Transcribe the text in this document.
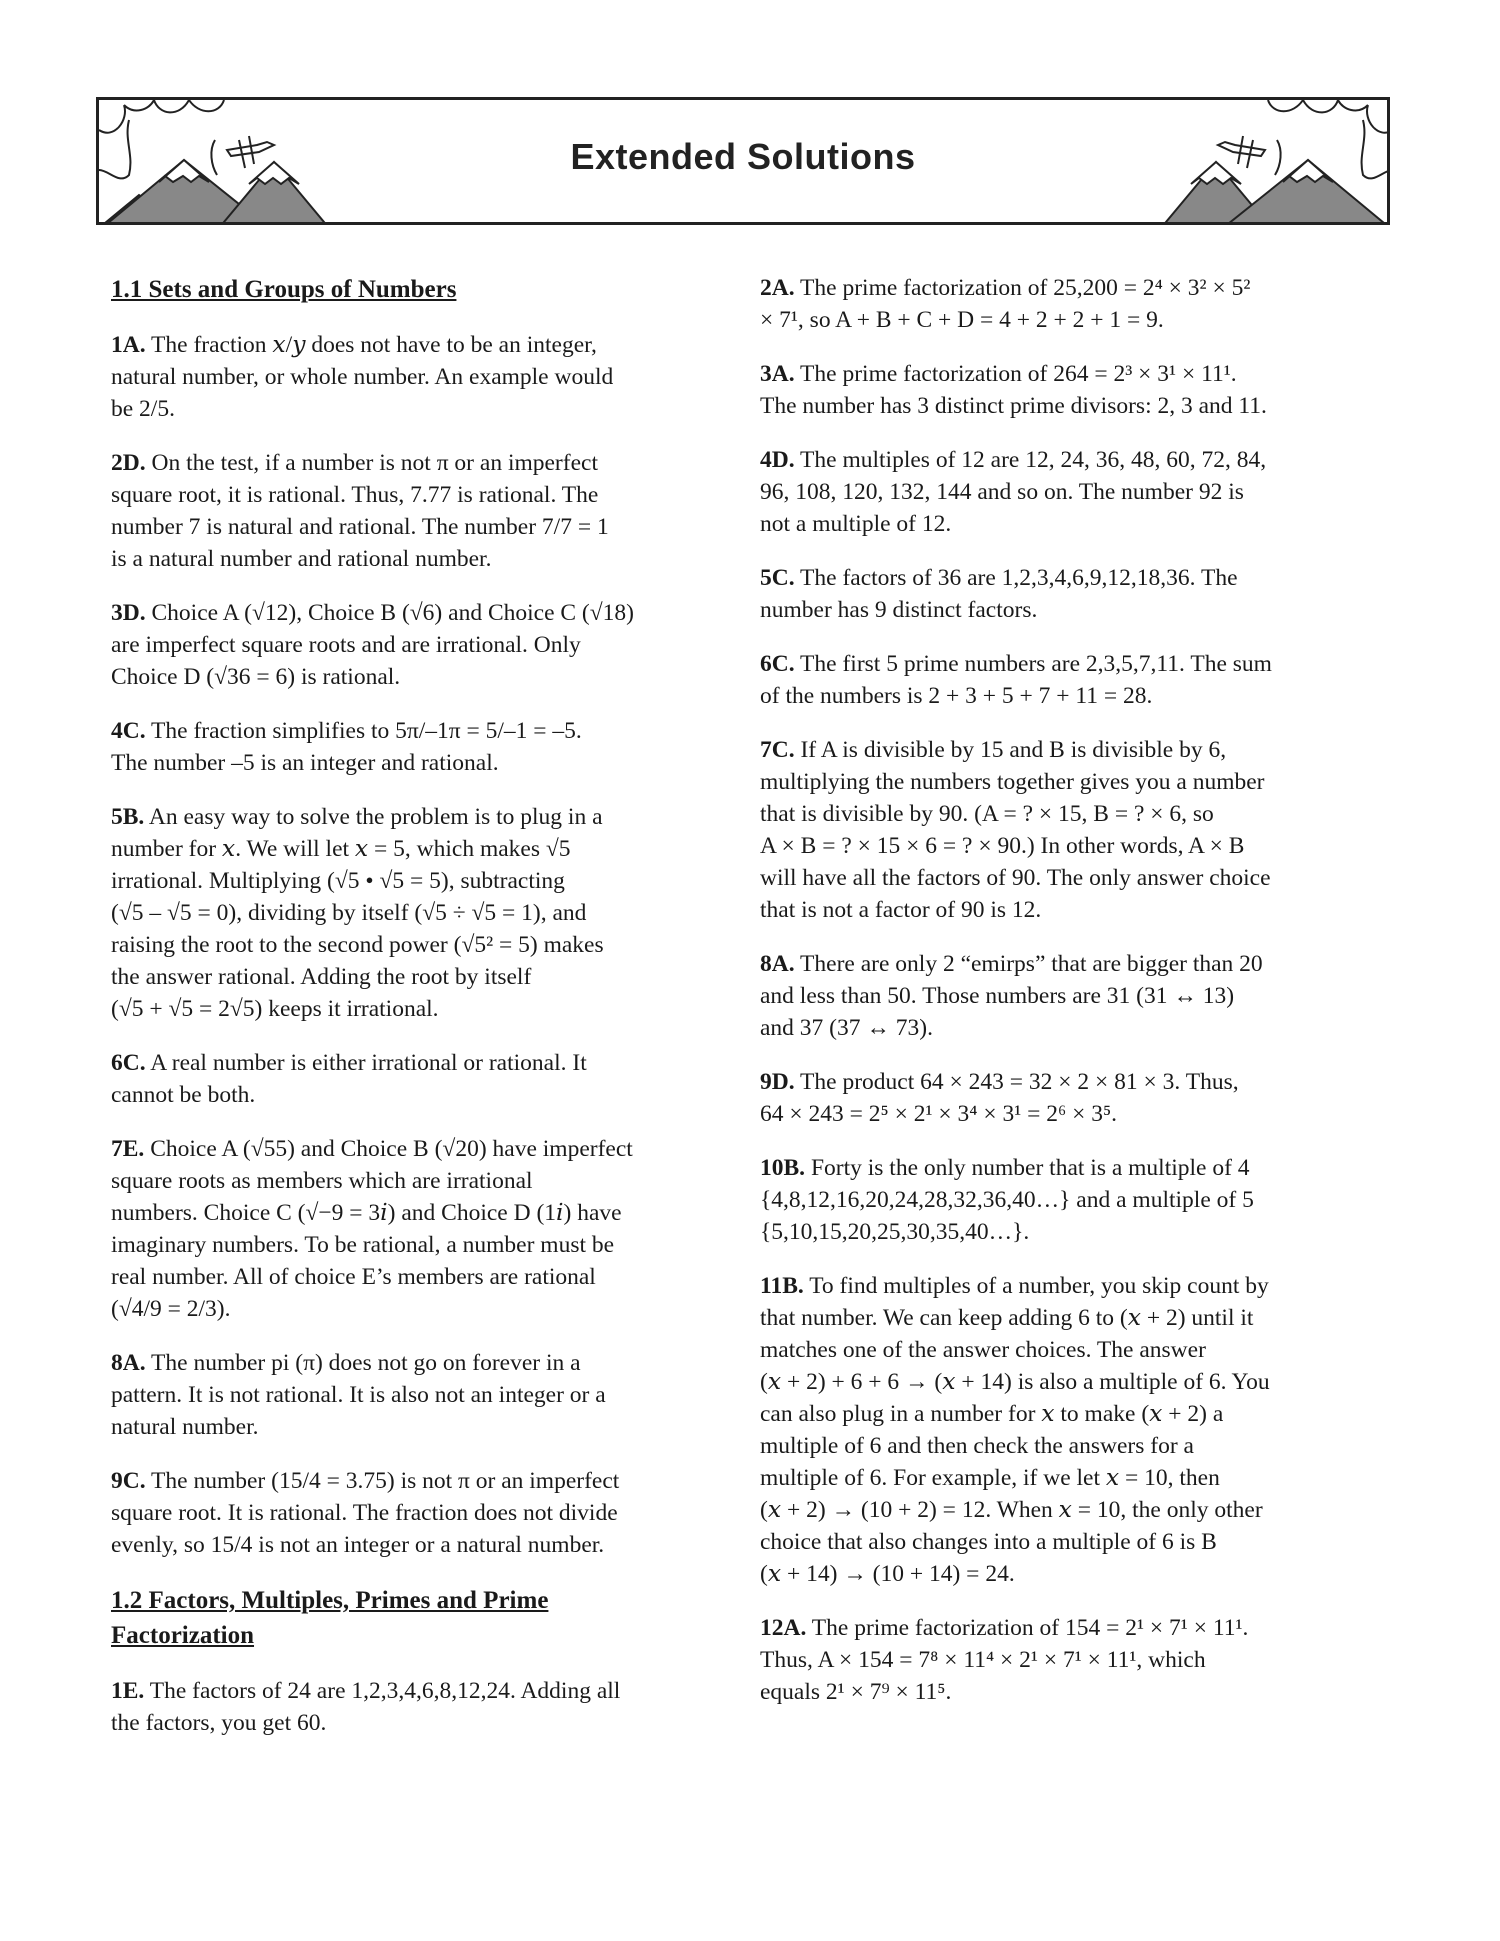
Extended Solutions
1.1 Sets and Groups of Numbers
1A. The fraction 𝑥/𝑦 does not have to be an integer,
natural number, or whole number. An example would
be 2/5.
2D. On the test, if a number is not π or an imperfect
square root, it is rational. Thus, 7.77 is rational. The
number 7 is natural and rational. The number 7/7 = 1
is a natural number and rational number.
3D. Choice A (√12), Choice B (√6) and Choice C (√18)
are imperfect square roots and are irrational. Only
Choice D (√36 = 6) is rational.
4C. The fraction simplifies to 5π/–1π = 5/–1 = –5.
The number –5 is an integer and rational.
5B. An easy way to solve the problem is to plug in a
number for 𝑥. We will let 𝑥 = 5, which makes √5
irrational. Multiplying (√5 • √5 = 5), subtracting
(√5 – √5 = 0), dividing by itself (√5 ÷ √5 = 1), and
raising the root to the second power (√5² = 5) makes
the answer rational. Adding the root by itself
(√5 + √5 = 2√5) keeps it irrational.
6C. A real number is either irrational or rational. It
cannot be both.
7E. Choice A (√55) and Choice B (√20) have imperfect
square roots as members which are irrational
numbers. Choice C (√−9 = 3𝑖) and Choice D (1𝑖) have
imaginary numbers. To be rational, a number must be
real number. All of choice E’s members are rational
(√4/9 = 2/3).
8A. The number pi (π) does not go on forever in a
pattern. It is not rational. It is also not an integer or a
natural number.
9C. The number (15/4 = 3.75) is not π or an imperfect
square root. It is rational. The fraction does not divide
evenly, so 15/4 is not an integer or a natural number.
1.2 Factors, Multiples, Primes and Prime
Factorization
1E. The factors of 24 are 1,2,3,4,6,8,12,24. Adding all
the factors, you get 60.
2A. The prime factorization of 25,200 = 2⁴ × 3² × 5²
× 7¹, so A + B + C + D = 4 + 2 + 2 + 1 = 9.
3A. The prime factorization of 264 = 2³ × 3¹ × 11¹.
The number has 3 distinct prime divisors: 2, 3 and 11.
4D. The multiples of 12 are 12, 24, 36, 48, 60, 72, 84,
96, 108, 120, 132, 144 and so on. The number 92 is
not a multiple of 12.
5C. The factors of 36 are 1,2,3,4,6,9,12,18,36. The
number has 9 distinct factors.
6C. The first 5 prime numbers are 2,3,5,7,11. The sum
of the numbers is 2 + 3 + 5 + 7 + 11 = 28.
7C. If A is divisible by 15 and B is divisible by 6,
multiplying the numbers together gives you a number
that is divisible by 90. (A = ? × 15, B = ? × 6, so
A × B = ? × 15 × 6 = ? × 90.) In other words, A × B
will have all the factors of 90. The only answer choice
that is not a factor of 90 is 12.
8A. There are only 2 “emirps” that are bigger than 20
and less than 50. Those numbers are 31 (31 ↔ 13)
and 37 (37 ↔ 73).
9D. The product 64 × 243 = 32 × 2 × 81 × 3. Thus,
64 × 243 = 2⁵ × 2¹ × 3⁴ × 3¹ = 2⁶ × 3⁵.
10B. Forty is the only number that is a multiple of 4
{4,8,12,16,20,24,28,32,36,40…} and a multiple of 5
{5,10,15,20,25,30,35,40…}.
11B. To find multiples of a number, you skip count by
that number. We can keep adding 6 to (𝑥 + 2) until it
matches one of the answer choices. The answer
(𝑥 + 2) + 6 + 6 → (𝑥 + 14) is also a multiple of 6. You
can also plug in a number for 𝑥 to make (𝑥 + 2) a
multiple of 6 and then check the answers for a
multiple of 6. For example, if we let 𝑥 = 10, then
(𝑥 + 2) → (10 + 2) = 12. When 𝑥 = 10, the only other
choice that also changes into a multiple of 6 is B
(𝑥 + 14) → (10 + 14) = 24.
12A. The prime factorization of 154 = 2¹ × 7¹ × 11¹.
Thus, A × 154 = 7⁸ × 11⁴ × 2¹ × 7¹ × 11¹, which
equals 2¹ × 7⁹ × 11⁵.
